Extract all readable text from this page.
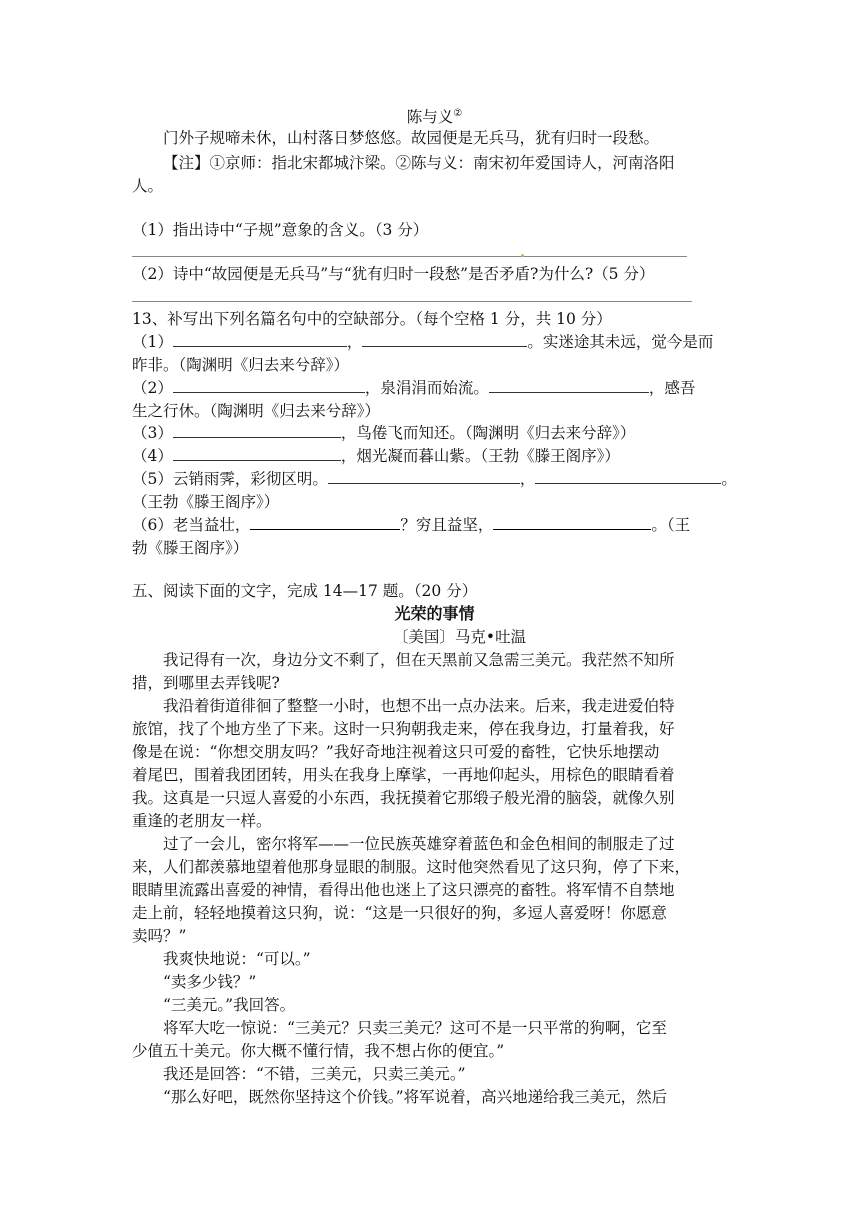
陈与义②
门外子规啼未休，山村落日梦悠悠。故园便是无兵马，犹有归时一段愁。
【注】①京师：指北宋都城汴梁。②陈与义：南宋初年爱国诗人，河南洛阳
人。
（1）指出诗中“子规”意象的含义。（3 分）
（2）诗中“故园便是无兵马”与“犹有归时一段愁”是否矛盾?为什么?（5 分）
13、补写出下列名篇名句中的空缺部分。（每个空格 1 分，共 10 分）
（1）	，	。实迷途其未远，觉今是而
昨非。（陶渊明《归去来兮辞》）
（2）	，泉涓涓而始流。	，感吾
生之行休。（陶渊明《归去来兮辞》）
（3）	，鸟倦飞而知还。（陶渊明《归去来兮辞》）
（4）	，烟光凝而暮山紫。（王勃《滕王阁序》）
（5）云销雨霁，彩彻区明。	，	。
（王勃《滕王阁序》）
（6）老当益壮，	？穷且益坚，	。（王
勃《滕王阁序》）
五、阅读下面的文字，完成 14—17 题。（20 分）
光荣的事情
〔美国〕马克•吐温
我记得有一次，身边分文不剩了，但在天黑前又急需三美元。我茫然不知所
措，到哪里去弄钱呢?
我沿着街道徘徊了整整一小时，也想不出一点办法来。后来，我走进爱伯特
旅馆，找了个地方坐了下来。这时一只狗朝我走来，停在我身边，打量着我，好
像是在说：“你想交朋友吗？”我好奇地注视着这只可爱的畜牲，它快乐地摆动
着尾巴，围着我团团转，用头在我身上摩挲，一再地仰起头，用棕色的眼睛看着
我。这真是一只逗人喜爱的小东西，我抚摸着它那缎子般光滑的脑袋，就像久别
重逢的老朋友一样。
过了一会儿，密尔将军——一位民族英雄穿着蓝色和金色相间的制服走了过
来，人们都羡慕地望着他那身显眼的制服。这时他突然看见了这只狗，停了下来，
眼睛里流露出喜爱的神情，看得出他也迷上了这只漂亮的畜牲。将军情不自禁地
走上前，轻轻地摸着这只狗，说：“这是一只很好的狗，多逗人喜爱呀！你愿意
卖吗？”
我爽快地说：“可以。”
“卖多少钱？”
“三美元。”我回答。
将军大吃一惊说：“三美元？只卖三美元？这可不是一只平常的狗啊，它至
少值五十美元。你大概不懂行情，我不想占你的便宜。”
我还是回答：“不错，三美元，只卖三美元。”
“那么好吧，既然你坚持这个价钱。”将军说着，高兴地递给我三美元，然后
